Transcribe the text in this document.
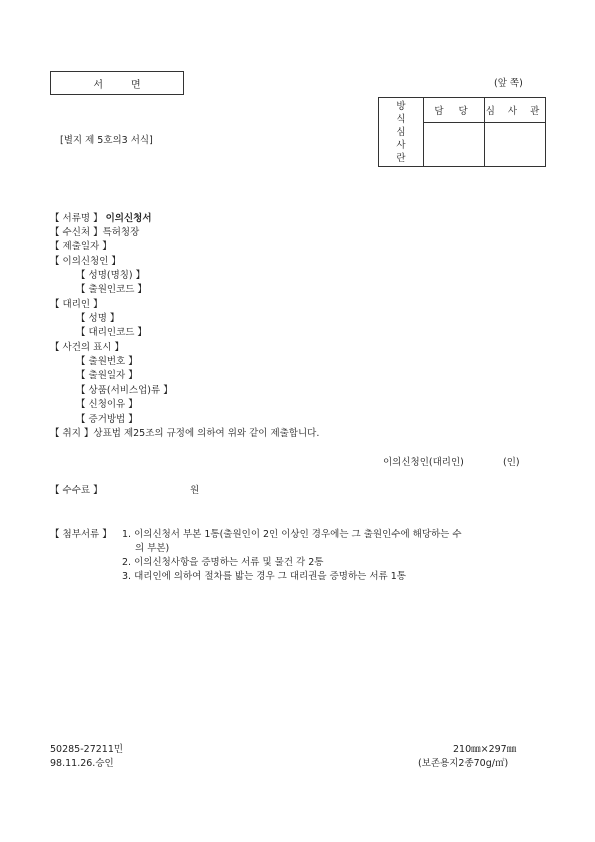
서면	(앞 쪽)
[별지 제 5호의3 서식]
방
식
심
사
란	담 당	심 사 관

【 서류명 】 이의신청서
【 수신처 】특허청장
【 제출일자 】
【 이의신청인 】
【 성명(명칭) 】
【 출원인코드 】
【 대리인 】
【 성명 】
【 대리인코드 】
【 사건의 표시 】
【 출원번호 】
【 출원일자 】
【 상품(서비스업)류 】
【 신청이유 】
【 증거방법 】
【 취지 】상표법 제25조의 규정에 의하여 위와 같이 제출합니다.
이의신청인(대리인)	(인)
【 수수료 】	원
【 첨부서류 】 1. 이의신청서 부본 1통(출원인이 2인 이상인 경우에는 그 출원인수에 해당하는 수
의 부본)
2. 이의신청사항을 증명하는 서류 및 물건 각 2통
3. 대리인에 의하여 절차를 밟는 경우 그 대리권을 증명하는 서류 1통
50285-27211민
98.11.26.승인
210㎜×297㎜
(보존용지2종70g/㎡)
